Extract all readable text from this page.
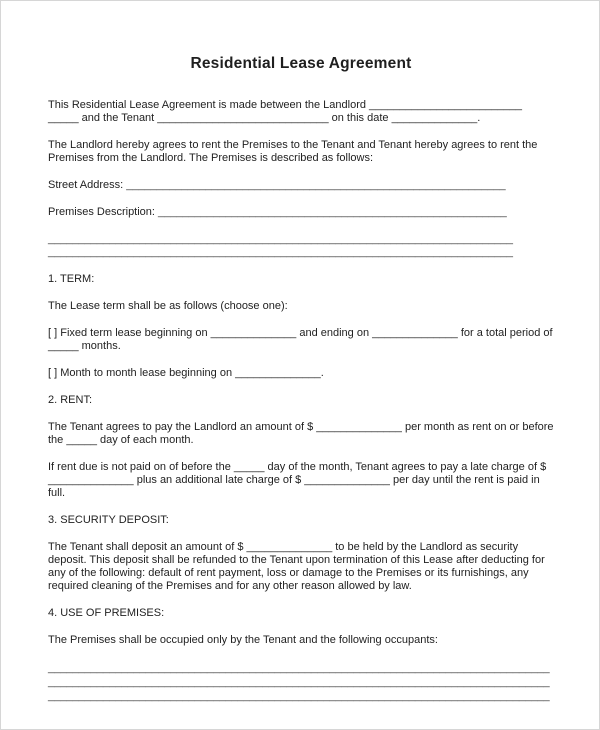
Residential Lease Agreement

This Residential Lease Agreement is made between the Landlord _________________________ _____ and the Tenant ____________________________ on this date ______________.

The Landlord hereby agrees to rent the Premises to the Tenant and Tenant hereby agrees to rent the Premises from the Landlord. The Premises is described as follows:

Street Address: ______________________________________________________________

Premises Description: _________________________________________________________

____________________________________________________________________________
____________________________________________________________________________

1. TERM:

The Lease term shall be as follows (choose one):

[ ] Fixed term lease beginning on ______________ and ending on ______________ for a total period of _____ months.

[ ] Month to month lease beginning on ______________.

2. RENT:

The Tenant agrees to pay the Landlord an amount of $ ______________ per month as rent on or before the _____ day of each month.

If rent due is not paid on of before the _____ day of the month, Tenant agrees to pay a late charge of $ ______________ plus an additional late charge of $ ______________ per day until the rent is paid in full.

3. SECURITY DEPOSIT:

The Tenant shall deposit an amount of $ ______________ to be held by the Landlord as security deposit. This deposit shall be refunded to the Tenant upon termination of this Lease after deducting for any of the following: default of rent payment, loss or damage to the Premises or its furnishings, any required cleaning of the Premises and for any other reason allowed by law.

4. USE OF PREMISES:

The Premises shall be occupied only by the Tenant and the following occupants:

__________________________________________________________________________________
__________________________________________________________________________________
__________________________________________________________________________________
